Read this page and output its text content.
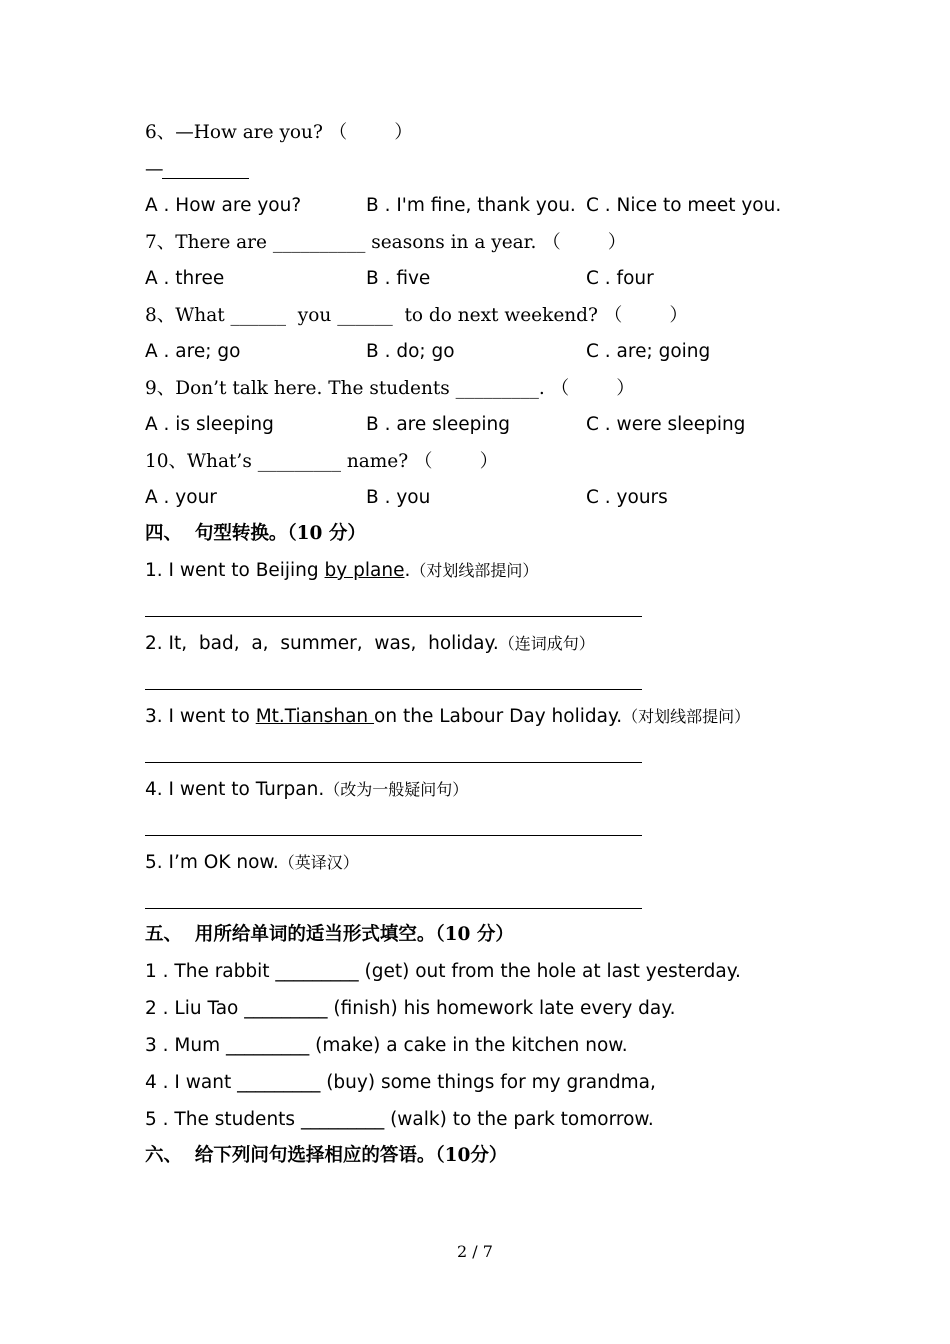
6、—How are you? （        ）
—
A . How are you?	B . I'm fine, thank you. C . Nice to meet you.
7、There are __________ seasons in a year. （        ）
A . three	B . five	C . four
8、What ______  you ______  to do next weekend? （        ）
A . are; go	B . do; go	C . are; going
9、Don’t talk here. The students _________. （        ）
A . is sleeping	B . are sleeping	C . were sleeping
10、What’s _________ name? （        ）
A . your	B . you	C . yours
四、  句型转换。（10 分）
1. I went to Beijing by plane.（对划线部提问）
2. It,  bad,  a,  summer,  was,  holiday.（连词成句）
3. I went to Mt.Tianshan on the Labour Day holiday.（对划线部提问）
4. I went to Turpan.（改为一般疑问句）
5. I’m OK now.（英译汉）
五、  用所给单词的适当形式填空。（10 分）
1 . The rabbit _________ (get) out from the hole at last yesterday.
2 . Liu Tao _________ (finish) his homework late every day.
3 . Mum _________ (make) a cake in the kitchen now.
4 . I want _________ (buy) some things for my grandma,
5 . The students _________ (walk) to the park tomorrow.
六、  给下列问句选择相应的答语。（10分）
2 / 7
